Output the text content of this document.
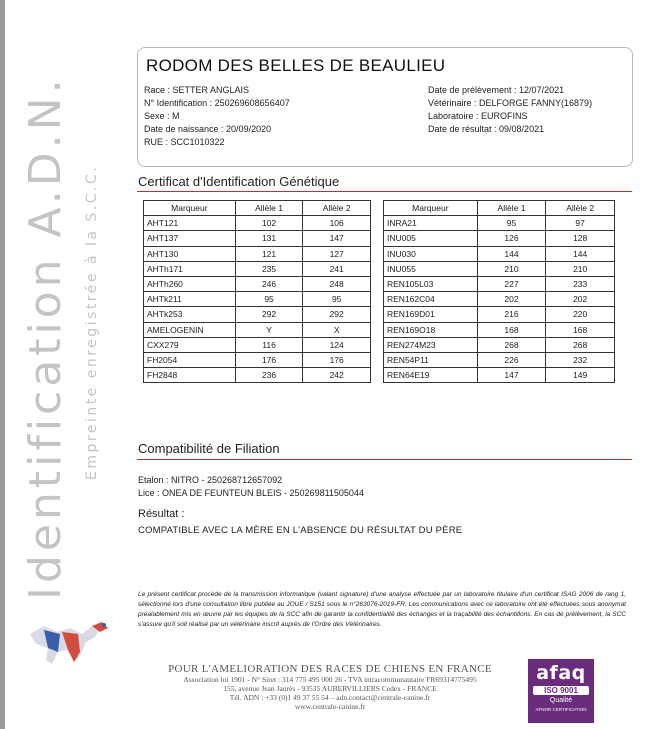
Identification A.D.N. Empreinte enregistrée à la S.C.C.
RODOM DES BELLES DE BEAULIEU
Race : SETTER ANGLAIS
N° Identification : 250269608656407
Sexe : M
Date de naissance : 20/09/2020
RUE : SCC1010322
Date de prélèvement : 12/07/2021
Vétérinaire : DELFORGE FANNY(16879)
Laboratoire : EUROFINS
Date de résultat : 09/08/2021
Certificat d'Identification Génétique
Marqueur	Allèle 1	Allèle 2
AHT121	102	106
AHT137	131	147
AHT130	121	127
AHTh171	235	241
AHTh260	246	248
AHTk211	95	95
AHTk253	292	292
AMELOGENIN	Y	X
CXX279	116	124
FH2054	176	176
FH2848	236	242
Marqueur	Allèle 1	Allèle 2
INRA21	95	97
INU005	126	128
INU030	144	144
INU055	210	210
REN105L03	227	233
REN162C04	202	202
REN169D01	216	220
REN169O18	168	168
REN274M23	268	268
REN54P11	226	232
REN64E19	147	149
Compatibilité de Filiation
Etalon : NITRO - 250268712657092
Lice : ONEA DE FEUNTEUN BLEIS - 250269811505044
Résultat :
COMPATIBLE AVEC LA MÈRE EN L'ABSENCE DU RÉSULTAT DU PÈRE
Le présent certificat procède de la transmission informatique (valant signature) d'une analyse effectuée par un laboratoire titulaire d'un certificat ISAG 2006 de rang 1, sélectionné lors d'une consultation libre publiée au JOUE / S151 sous le n°263076-2019-FR. Les communications avec ce laboratoire ont été effectuées sous anonymat préalablement mis en œuvre par les équipes de la SCC afin de garantir la confidentialité des échanges et la traçabilité des échantillons. En cas de prélèvement, la SCC s'assure qu'il soit réalisé par un vétérinaire inscrit auprès de l'Ordre des Vétérinaires.
POUR L'AMELIORATION DES RACES DE CHIENS EN FRANCE
Association loi 1901 - N° Siret : 314 775 495 000 26 - TVA intracommunautaire FR69314775495
155, avenue Jean Jaurès - 93535 AUBERVILLIERS Cedex - FRANCE
Tél. ADN : +33 (0)1 49 37 55 54 – adn.contact@centrale-canine.fr
www.centrale-canine.fr
afaq
ISO 9001
Qualité
AFNOR CERTIFICATION
